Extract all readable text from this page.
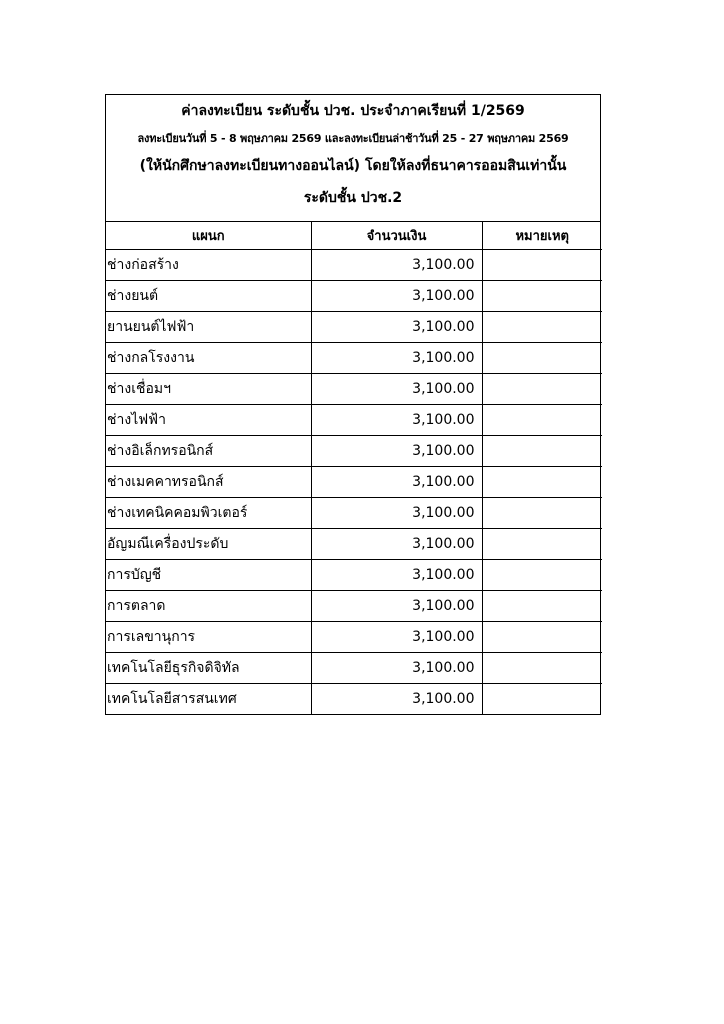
ค่าลงทะเบียน ระดับชั้น ปวช. ประจำภาคเรียนที่ 1/2569
ลงทะเบียนวันที่ 5 - 8 พฤษภาคม 2569 และลงทะเบียนล่าช้าวันที่ 25 - 27 พฤษภาคม 2569
(ให้นักศึกษาลงทะเบียนทางออนไลน์) โดยให้ลงที่ธนาคารออมสินเท่านั้น
ระดับชั้น ปวช.2
แผนก	จำนวนเงิน	หมายเหตุ
ช่างก่อสร้าง	3,100.00	
ช่างยนต์	3,100.00	
ยานยนต์ไฟฟ้า	3,100.00	
ช่างกลโรงงาน	3,100.00	
ช่างเชื่อมฯ	3,100.00	
ช่างไฟฟ้า	3,100.00	
ช่างอิเล็กทรอนิกส์	3,100.00	
ช่างเมคคาทรอนิกส์	3,100.00	
ช่างเทคนิคคอมพิวเตอร์	3,100.00	
อัญมณีเครื่องประดับ	3,100.00	
การบัญชี	3,100.00	
การตลาด	3,100.00	
การเลขานุการ	3,100.00	
เทคโนโลยีธุรกิจดิจิทัล	3,100.00	
เทคโนโลยีสารสนเทศ	3,100.00	
